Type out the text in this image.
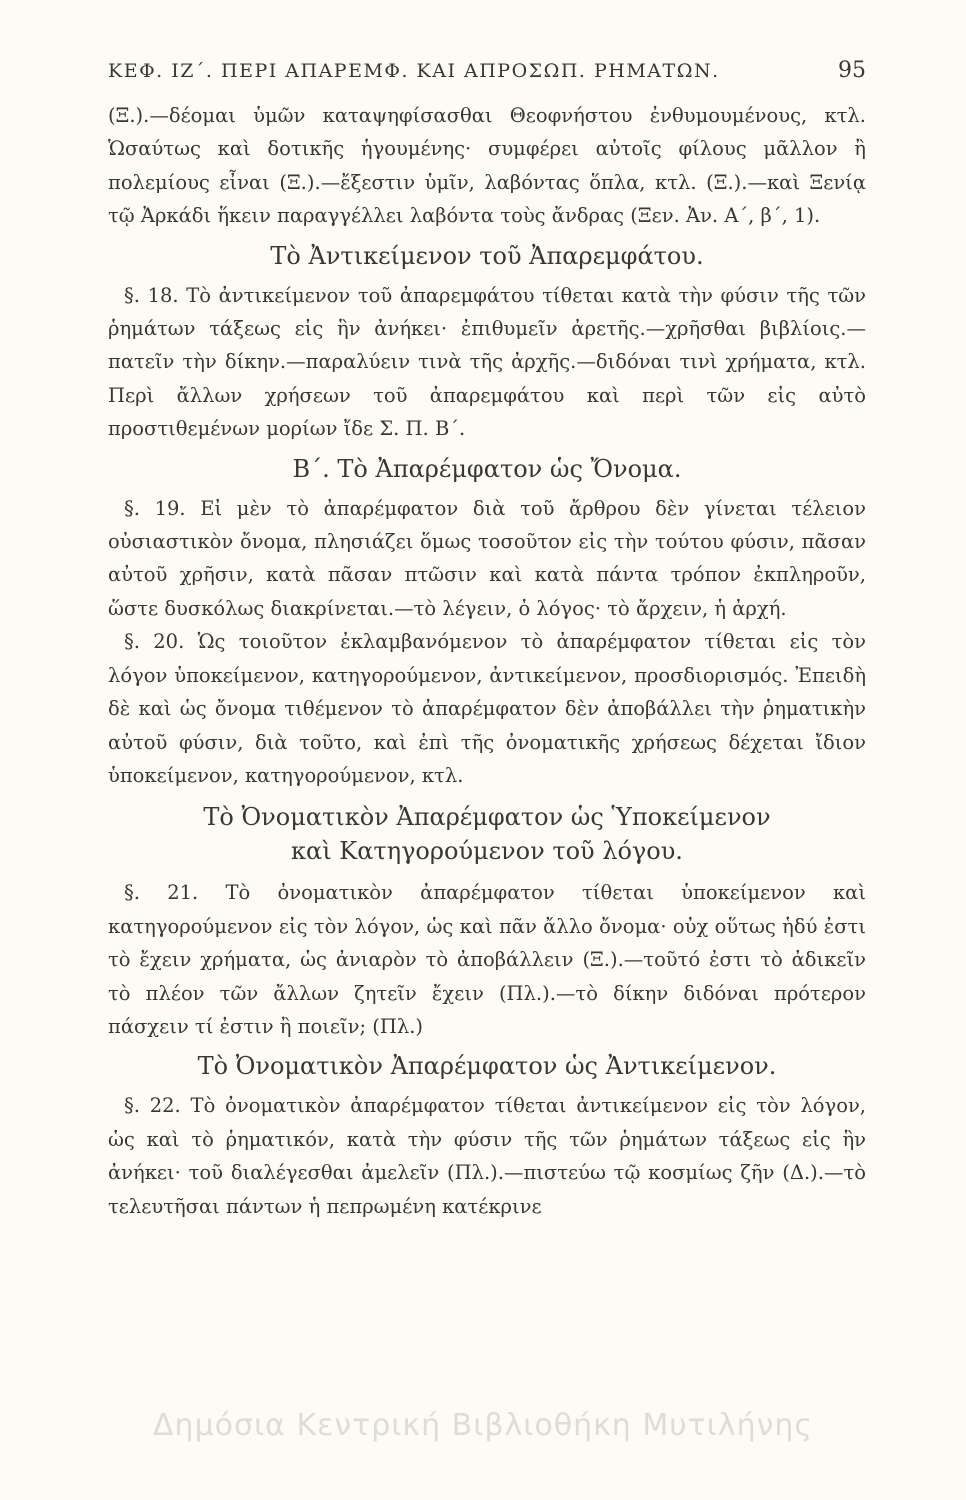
ΚΕΦ. ΙΖ΄. ΠΕΡΙ ΑΠΑΡΕΜΦ. ΚΑΙ ΑΠΡΟΣΩΠ. ΡΗΜΑΤΩΝ.	95

(Ξ.).—δέομαι ὑμῶν καταψηφίσασθαι Θεοφνήστου ἐνθυμουμένους, κτλ. Ὡσαύτως καὶ δοτικῆς ἡγουμένης· συμφέρει αὐτοῖς φίλους μᾶλλον ἢ πολεμίους εἶναι (Ξ.).—ἔξεστιν ὑμῖν, λαβόντας ὅπλα, κτλ. (Ξ.).—καὶ Ξενίᾳ τῷ Ἀρκάδι ἥκειν παραγγέλλει λαβόντα τοὺς ἄνδρας (Ξεν. Ἀν. Α΄, β΄, 1).

Τὸ Ἀντικείμενον τοῦ Ἀπαρεμφάτου.

§. 18. Τὸ ἀντικείμενον τοῦ ἀπαρεμφάτου τίθεται κατὰ τὴν φύσιν τῆς τῶν ῥημάτων τάξεως εἰς ἣν ἀνήκει· ἐπιθυμεῖν ἀρετῆς.—χρῆσθαι βιβλίοις.—πατεῖν τὴν δίκην.—παραλύειν τινὰ τῆς ἀρχῆς.—διδόναι τινὶ χρήματα, κτλ. Περὶ ἄλλων χρήσεων τοῦ ἀπαρεμφάτου καὶ περὶ τῶν εἰς αὐτὸ προστιθεμένων μορίων ἴδε Σ. Π. Β΄.

Β΄. Τὸ Ἀπαρέμφατον ὡς Ὄνομα.

§. 19. Εἰ μὲν τὸ ἀπαρέμφατον διὰ τοῦ ἄρθρου δὲν γίνεται τέλειον οὐσιαστικὸν ὄνομα, πλησιάζει ὅμως τοσοῦτον εἰς τὴν τούτου φύσιν, πᾶσαν αὐτοῦ χρῆσιν, κατὰ πᾶσαν πτῶσιν καὶ κατὰ πάντα τρόπον ἐκπληροῦν, ὥστε δυσκόλως διακρίνεται.—τὸ λέγειν, ὁ λόγος· τὸ ἄρχειν, ἡ ἀρχή.

§. 20. Ὡς τοιοῦτον ἐκλαμβανόμενον τὸ ἀπαρέμφατον τίθεται εἰς τὸν λόγον ὑποκείμενον, κατηγορούμενον, ἀντικείμενον, προσδιορισμός. Ἐπειδὴ δὲ καὶ ὡς ὄνομα τιθέμενον τὸ ἀπαρέμφατον δὲν ἀποβάλλει τὴν ῥηματικὴν αὐτοῦ φύσιν, διὰ τοῦτο, καὶ ἐπὶ τῆς ὀνοματικῆς χρήσεως δέχεται ἴδιον ὑποκείμενον, κατηγορούμενον, κτλ.

Τὸ Ὀνοματικὸν Ἀπαρέμφατον ὡς Ὑποκείμενον
καὶ Κατηγορούμενον τοῦ λόγου.

§. 21. Τὸ ὀνοματικὸν ἀπαρέμφατον τίθεται ὑποκείμενον καὶ κατηγορούμενον εἰς τὸν λόγον, ὡς καὶ πᾶν ἄλλο ὄνομα· οὐχ οὕτως ἡδύ ἐστι τὸ ἔχειν χρήματα, ὡς ἀνιαρὸν τὸ ἀποβάλλειν (Ξ.).—τοῦτό ἐστι τὸ ἀδικεῖν τὸ πλέον τῶν ἄλλων ζητεῖν ἔχειν (Πλ.).—τὸ δίκην διδόναι πρότερον πάσχειν τί ἐστιν ἢ ποιεῖν; (Πλ.)

Τὸ Ὀνοματικὸν Ἀπαρέμφατον ὡς Ἀντικείμενον.

§. 22. Τὸ ὀνοματικὸν ἀπαρέμφατον τίθεται ἀντικείμενον εἰς τὸν λόγον, ὡς καὶ τὸ ῥηματικόν, κατὰ τὴν φύσιν τῆς τῶν ῥημάτων τάξεως εἰς ἣν ἀνήκει· τοῦ διαλέγεσθαι ἀμελεῖν (Πλ.).—πιστεύω τῷ κοσμίως ζῆν (Δ.).—τὸ τελευτῆσαι πάντων ἡ πεπρωμένη κατέκρινε

Δημόσια Κεντρική Βιβλιοθήκη Μυτιλήνης
